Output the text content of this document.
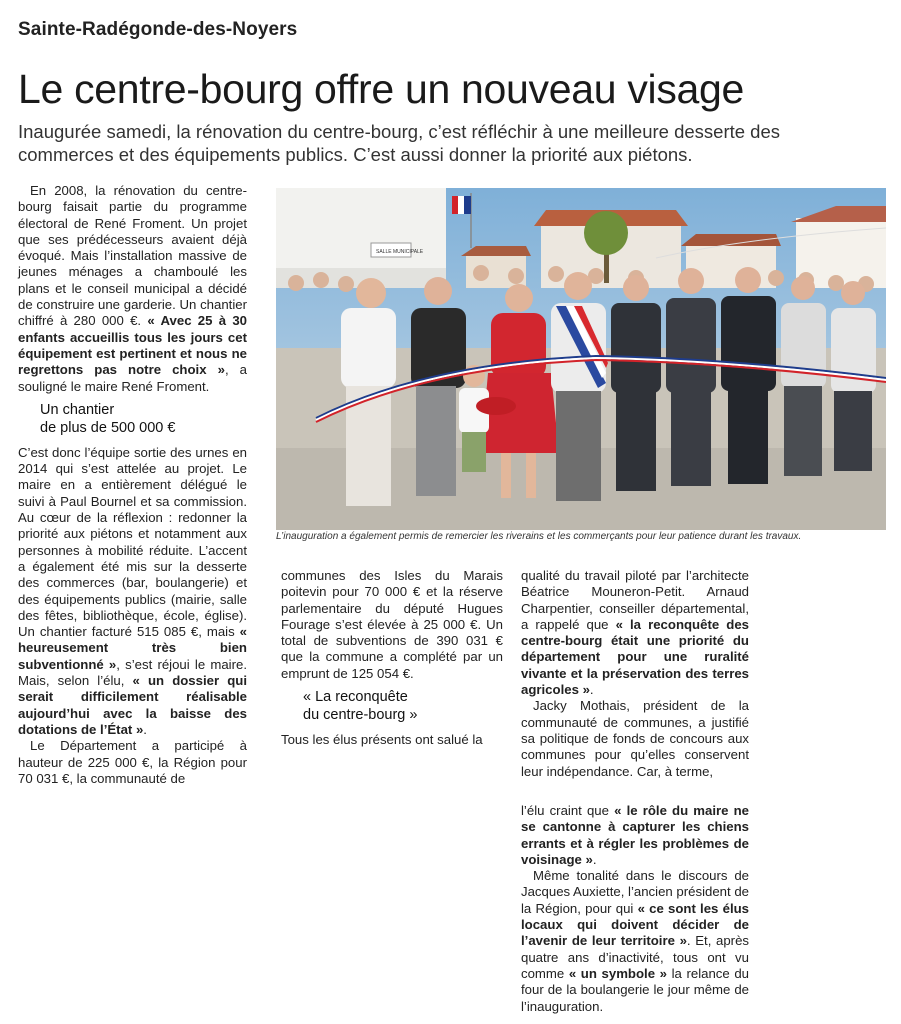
Sainte-Radégonde-des-Noyers
Le centre-bourg offre un nouveau visage
Inaugurée samedi, la rénovation du centre-bourg, c’est réfléchir à une meilleure desserte des commerces et des équipements publics. C’est aussi donner la priorité aux piétons.

En 2008, la rénovation du centre-bourg faisait partie du programme électoral de René Froment. Un projet que ses prédécesseurs avaient déjà évoqué. Mais l’installation massive de jeunes ménages a chamboulé les plans et le conseil municipal a décidé de construire une garderie. Un chantier chiffré à 280 000 €. « Avec 25 à 30 enfants accueillis tous les jours cet équipement est pertinent et nous ne regrettons pas notre choix », a souligné le maire René Froment.

Un chantier
de plus de 500 000 €

C’est donc l’équipe sortie des urnes en 2014 qui s’est attelée au projet. Le maire en a entièrement délégué le suivi à Paul Bournel et sa commission. Au cœur de la réflexion : redonner la priorité aux piétons et notamment aux personnes à mobilité réduite. L’accent a également été mis sur la desserte des commerces (bar, boulangerie) et des équipements publics (mairie, salle des fêtes, bibliothèque, école, église). Un chantier facturé 515 085 €, mais « heureusement très bien subventionné », s’est réjoui le maire. Mais, selon l’élu, « un dossier qui serait difficilement réalisable aujourd’hui avec la baisse des dotations de l’État ».

Le Département a participé à hauteur de 225 000 €, la Région pour 70 031 €, la communauté de

SALLE MUNICIPALE
L’inauguration a également permis de remercier les riverains et les commerçants pour leur patience durant les travaux.

communes des Isles du Marais poitevin pour 70 000 € et la réserve parlementaire du député Hugues Fourage s’est élevée à 25 000 €. Un total de subventions de 390 031 € que la commune a complété par un emprunt de 125 054 €.

« La reconquête
du centre-bourg »

Tous les élus présents ont salué la

qualité du travail piloté par l’architecte Béatrice Mouneron-Petit. Arnaud Charpentier, conseiller départemental, a rappelé que « la reconquête des centre-bourg était une priorité du département pour une ruralité vivante et la préservation des terres agricoles ».

Jacky Mothais, président de la communauté de communes, a justifié sa politique de fonds de concours aux communes pour qu’elles conservent leur indépendance. Car, à terme,

l’élu craint que « le rôle du maire ne se cantonne à capturer les chiens errants et à régler les problèmes de voisinage ».

Même tonalité dans le discours de Jacques Auxiette, l’ancien président de la Région, pour qui « ce sont les élus locaux qui doivent décider de l’avenir de leur territoire ». Et, après quatre ans d’inactivité, tous ont vu comme « un symbole » la relance du four de la boulangerie le jour même de l’inauguration.
